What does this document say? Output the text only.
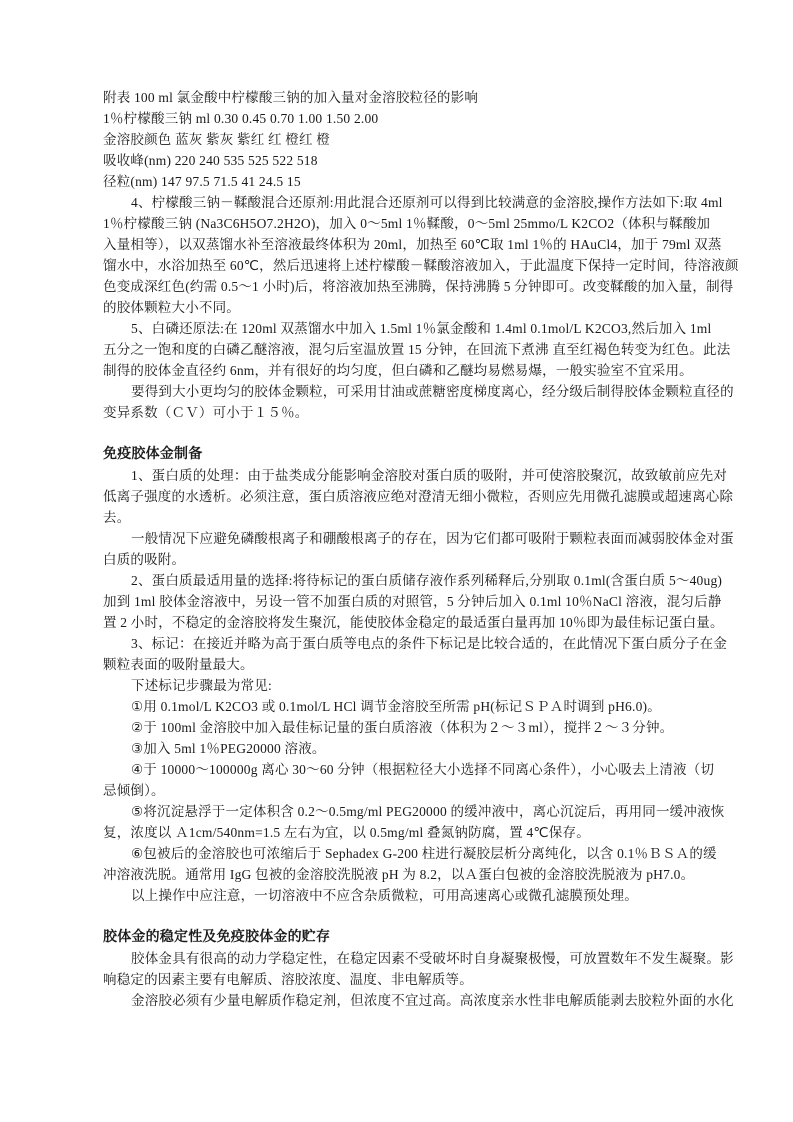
附表 100 ml 氯金酸中柠檬酸三钠的加入量对金溶胶粒径的影响
1％柠檬酸三钠 ml 0.30 0.45 0.70 1.00 1.50 2.00
金溶胶颜色 蓝灰 紫灰 紫红 红 橙红 橙
吸收峰(nm) 220 240 535 525 522 518
径粒(nm) 147 97.5 71.5 41 24.5 15
4、柠檬酸三钠－鞣酸混合还原剂:用此混合还原剂可以得到比较满意的金溶胶,操作方法如下:取 4ml
1％柠檬酸三钠 (Na3C6H5O7.2H2O)，加入 0～5ml 1％鞣酸，0～5ml 25mmo/L K2CO2（体积与鞣酸加
入量相等），以双蒸馏水补至溶液最终体积为 20ml，加热至 60℃取 1ml 1％的 HAuCl4，加于 79ml 双蒸
馏水中，水浴加热至 60℃，然后迅速将上述柠檬酸－鞣酸溶液加入，于此温度下保持一定时间，待溶液颜
色变成深红色(约需 0.5～1 小时)后，将溶液加热至沸腾，保持沸腾 5 分钟即可。改变鞣酸的加入量，制得
的胶体颗粒大小不同。
5、白磷还原法:在 120ml 双蒸馏水中加入 1.5ml 1％氯金酸和 1.4ml 0.1mol/L K2CO3,然后加入 1ml
五分之一饱和度的白磷乙醚溶液，混匀后室温放置 15 分钟，在回流下煮沸 直至红褐色转变为红色。此法
制得的胶体金直径约 6nm，并有很好的均匀度，但白磷和乙醚均易燃易爆，一般实验室不宜采用。
要得到大小更均匀的胶体金颗粒，可采用甘油或蔗糖密度梯度离心，经分级后制得胶体金颗粒直径的
变异系数（ＣＶ）可小于１５％。
免疫胶体金制备
1、蛋白质的处理：由于盐类成分能影响金溶胶对蛋白质的吸附，并可使溶胶聚沉，故致敏前应先对
低离子强度的水透析。必须注意，蛋白质溶液应绝对澄清无细小微粒，否则应先用微孔滤膜或超速离心除
去。
一般情况下应避免磷酸根离子和硼酸根离子的存在，因为它们都可吸附于颗粒表面而减弱胶体金对蛋
白质的吸附。
2、蛋白质最适用量的选择:将待标记的蛋白质储存液作系列稀释后,分别取 0.1ml(含蛋白质 5～40ug)
加到 1ml 胶体金溶液中，另设一管不加蛋白质的对照管，5 分钟后加入 0.1ml 10％NaCl 溶液，混匀后静
置 2 小时，不稳定的金溶胶将发生聚沉，能使胶体金稳定的最适蛋白量再加 10％即为最佳标记蛋白量。
3、标记：在接近并略为高于蛋白质等电点的条件下标记是比较合适的，在此情况下蛋白质分子在金
颗粒表面的吸附量最大。
下述标记步骤最为常见:
①用 0.1mol/L K2CO3 或 0.1mol/L HCl 调节金溶胶至所需 pH(标记ＳＰＡ时调到 pH6.0)。
②于 100ml 金溶胶中加入最佳标记量的蛋白质溶液（体积为２～３ml），搅拌２～３分钟。
③加入 5ml 1％PEG20000 溶液。
④于 10000～100000g 离心 30～60 分钟（根据粒径大小选择不同离心条件），小心吸去上清液（切
忌倾倒）。
⑤将沉淀悬浮于一定体积含 0.2～0.5mg/ml PEG20000 的缓冲液中，离心沉淀后，再用同一缓冲液恢
复，浓度以 Ａ1cm/540nm=1.5 左右为宜，以 0.5mg/ml 叠氮钠防腐，置 4℃保存。
⑥包被后的金溶胶也可浓缩后于 Sephadex G-200 柱进行凝胶层析分离纯化，以含 0.1％ＢＳＡ的缓
冲溶液洗脱。通常用 IgG 包被的金溶胶洗脱液 pH 为 8.2，以Ａ蛋白包被的金溶胶洗脱液为 pH7.0。
以上操作中应注意，一切溶液中不应含杂质微粒，可用高速离心或微孔滤膜预处理。
胶体金的稳定性及免疫胶体金的贮存
胶体金具有很高的动力学稳定性，在稳定因素不受破坏时自身凝聚极慢，可放置数年不发生凝聚。影
响稳定的因素主要有电解质、溶胶浓度、温度、非电解质等。
金溶胶必须有少量电解质作稳定剂，但浓度不宜过高。高浓度亲水性非电解质能剥去胶粒外面的水化
